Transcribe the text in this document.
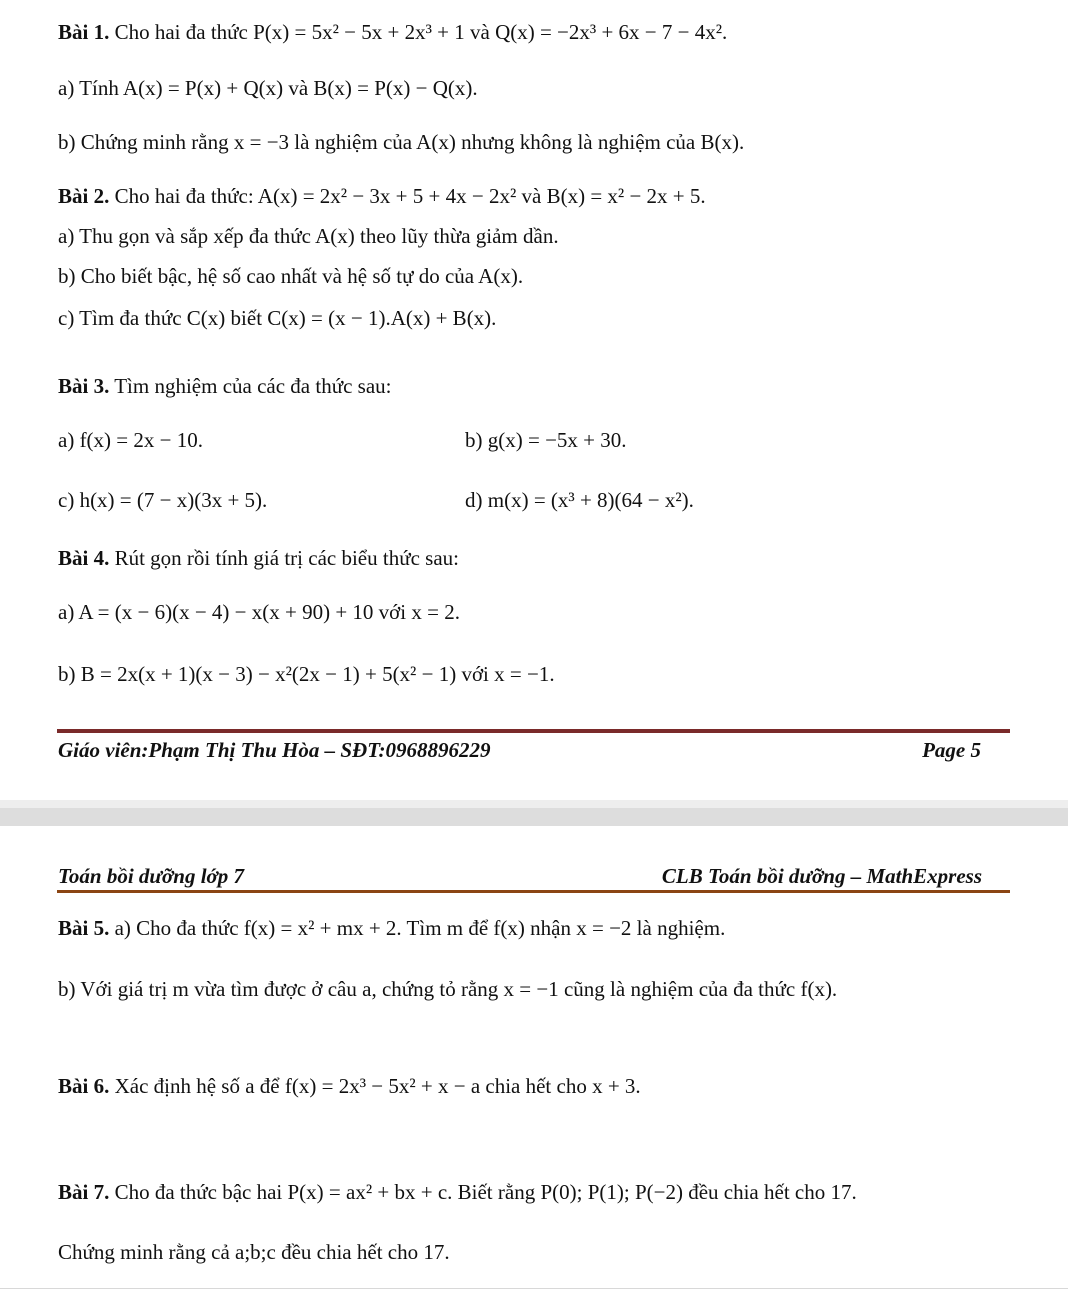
Bài 1. Cho hai đa thức P(x) = 5x² − 5x + 2x³ + 1 và Q(x) = −2x³ + 6x − 7 − 4x².
a) Tính A(x) = P(x) + Q(x) và B(x) = P(x) − Q(x).
b) Chứng minh rằng x = −3 là nghiệm của A(x) nhưng không là nghiệm của B(x).
Bài 2. Cho hai đa thức: A(x) = 2x² − 3x + 5 + 4x − 2x² và B(x) = x² − 2x + 5.
a) Thu gọn và sắp xếp đa thức A(x) theo lũy thừa giảm dần.
b) Cho biết bậc, hệ số cao nhất và hệ số tự do của A(x).
c) Tìm đa thức C(x) biết C(x) = (x − 1).A(x) + B(x).
Bài 3. Tìm nghiệm của các đa thức sau:
a) f(x) = 2x − 10.	b) g(x) = −5x + 30.
c) h(x) = (7 − x)(3x + 5).	d) m(x) = (x³ + 8)(64 − x²).
Bài 4. Rút gọn rồi tính giá trị các biểu thức sau:
a) A = (x − 6)(x − 4) − x(x + 90) + 10 với x = 2.
b) B = 2x(x + 1)(x − 3) − x²(2x − 1) + 5(x² − 1) với x = −1.
Giáo viên:Phạm Thị Thu Hòa – SĐT:0968896229	Page 5
Toán bồi dưỡng lớp 7	CLB Toán bồi dưỡng – MathExpress
Bài 5. a) Cho đa thức f(x) = x² + mx + 2. Tìm m để f(x) nhận x = −2 là nghiệm.
b) Với giá trị m vừa tìm được ở câu a, chứng tỏ rằng x = −1 cũng là nghiệm của đa thức f(x).
Bài 6. Xác định hệ số a để f(x) = 2x³ − 5x² + x − a chia hết cho x + 3.
Bài 7. Cho đa thức bậc hai P(x) = ax² + bx + c. Biết rằng P(0); P(1); P(−2) đều chia hết cho 17.
Chứng minh rằng cả a;b;c đều chia hết cho 17.
